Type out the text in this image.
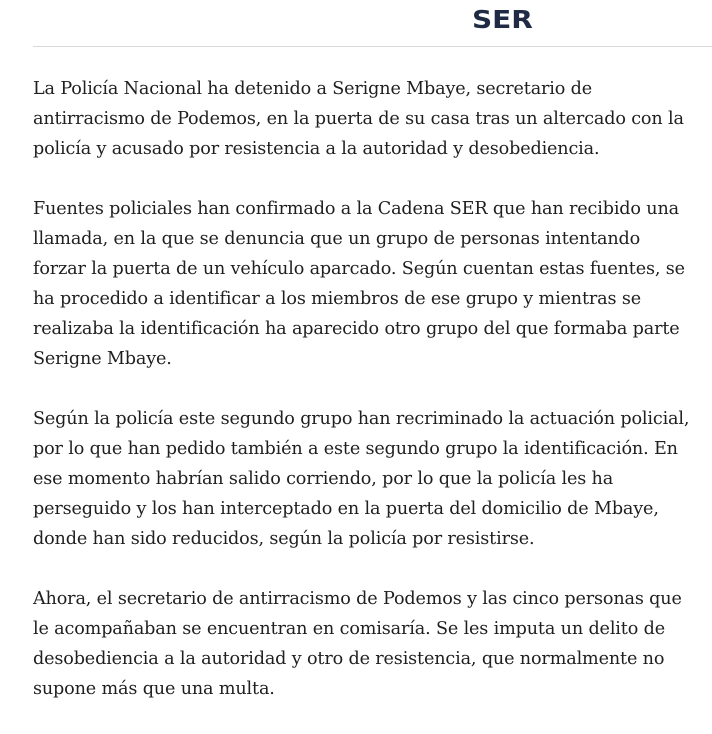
SER

La Policía Nacional ha detenido a Serigne Mbaye, secretario de antirracismo de Podemos, en la puerta de su casa tras un altercado con la policía y acusado por resistencia a la autoridad y desobediencia.

Fuentes policiales han confirmado a la Cadena SER que han recibido una llamada, en la que se denuncia que un grupo de personas intentando forzar la puerta de un vehículo aparcado. Según cuentan estas fuentes, se ha procedido a identificar a los miembros de ese grupo y mientras se realizaba la identificación ha aparecido otro grupo del que formaba parte Serigne Mbaye.

Según la policía este segundo grupo han recriminado la actuación policial, por lo que han pedido también a este segundo grupo la identificación. En ese momento habrían salido corriendo, por lo que la policía les ha perseguido y los han interceptado en la puerta del domicilio de Mbaye, donde han sido reducidos, según la policía por resistirse.

Ahora, el secretario de antirracismo de Podemos y las cinco personas que le acompañaban se encuentran en comisaría. Se les imputa un delito de desobediencia a la autoridad y otro de resistencia, que normalmente no supone más que una multa.
